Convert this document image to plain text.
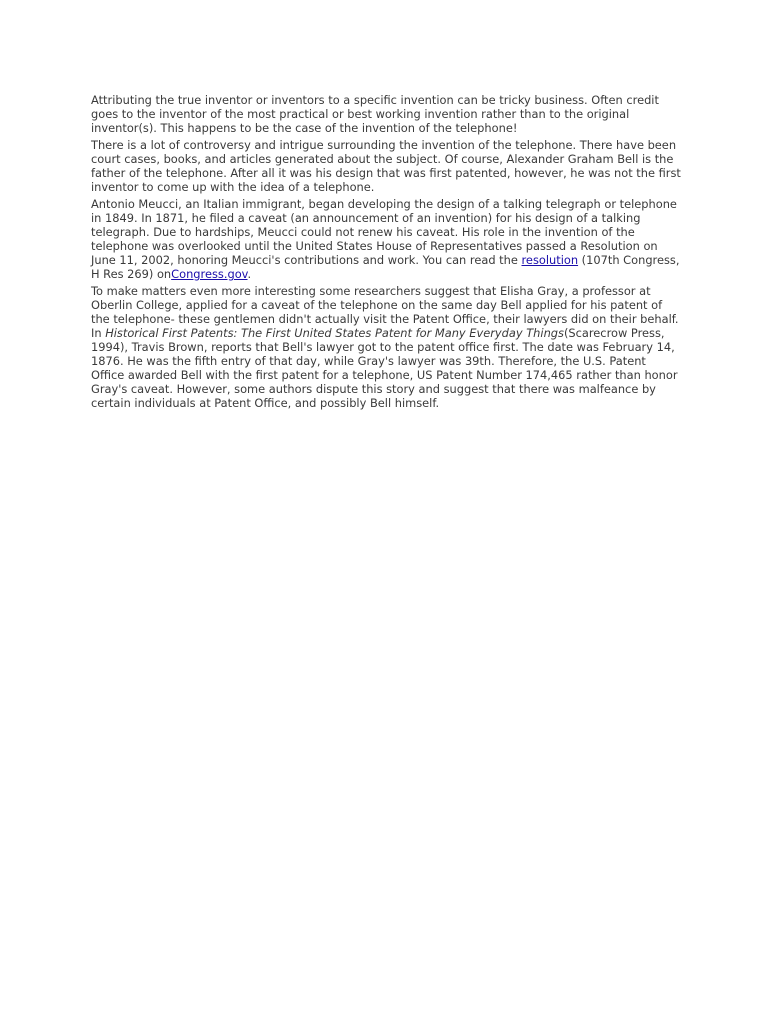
Attributing the true inventor or inventors to a specific invention can be tricky business. Often credit goes to the inventor of the most practical or best working invention rather than to the original inventor(s). This happens to be the case of the invention of the telephone!

There is a lot of controversy and intrigue surrounding the invention of the telephone. There have been court cases, books, and articles generated about the subject. Of course, Alexander Graham Bell is the father of the telephone. After all it was his design that was first patented, however, he was not the first inventor to come up with the idea of a telephone.

Antonio Meucci, an Italian immigrant, began developing the design of a talking telegraph or telephone in 1849. In 1871, he filed a caveat (an announcement of an invention) for his design of a talking telegraph. Due to hardships, Meucci could not renew his caveat. His role in the invention of the telephone was overlooked until the United States House of Representatives passed a Resolution on June 11, 2002, honoring Meucci's contributions and work. You can read the resolution (107th Congress, H Res 269) onCongress.gov.

To make matters even more interesting some researchers suggest that Elisha Gray, a professor at Oberlin College, applied for a caveat of the telephone on the same day Bell applied for his patent of the telephone- these gentlemen didn't actually visit the Patent Office, their lawyers did on their behalf. In Historical First Patents: The First United States Patent for Many Everyday Things(Scarecrow Press, 1994), Travis Brown, reports that Bell's lawyer got to the patent office first. The date was February 14, 1876. He was the fifth entry of that day, while Gray's lawyer was 39th. Therefore, the U.S. Patent Office awarded Bell with the first patent for a telephone, US Patent Number 174,465 rather than honor Gray's caveat. However, some authors dispute this story and suggest that there was malfeance by certain individuals at Patent Office, and possibly Bell himself.
